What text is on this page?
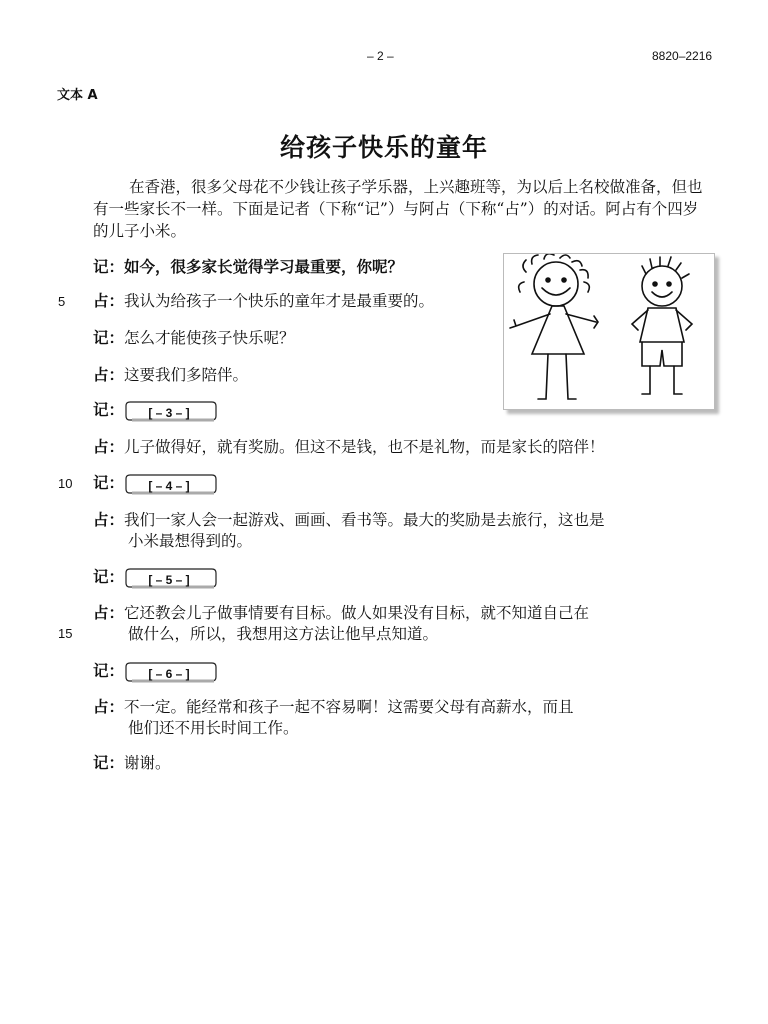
– 2 –	8820–2216
文本 A
给孩子快乐的童年
在香港，很多父母花不少钱让孩子学乐器，上兴趣班等，为以后上名校做准备，但也有一些家长不一样。下面是记者（下称“记”）与阿占（下称“占”）的对话。阿占有个四岁的儿子小米。
5
10
15
记：如今，很多家长觉得学习最重要，你呢？
占：我认为给孩子一个快乐的童年才是最重要的。
记：怎么才能使孩子快乐呢？
占：这要我们多陪伴。
记：	[ – 3 – ]
占：儿子做得好，就有奖励。但这不是钱，也不是礼物，而是家长的陪伴！
记：	[ – 4 – ]
占：我们一家人会一起游戏、画画、看书等。最大的奖励是去旅行，这也是
小米最想得到的。
记：	[ – 5 – ]
占：它还教会儿子做事情要有目标。做人如果没有目标，就不知道自己在
做什么，所以，我想用这方法让他早点知道。
记：	[ – 6 – ]
占：不一定。能经常和孩子一起不容易啊！这需要父母有高薪水，而且
他们还不用长时间工作。
记：谢谢。
